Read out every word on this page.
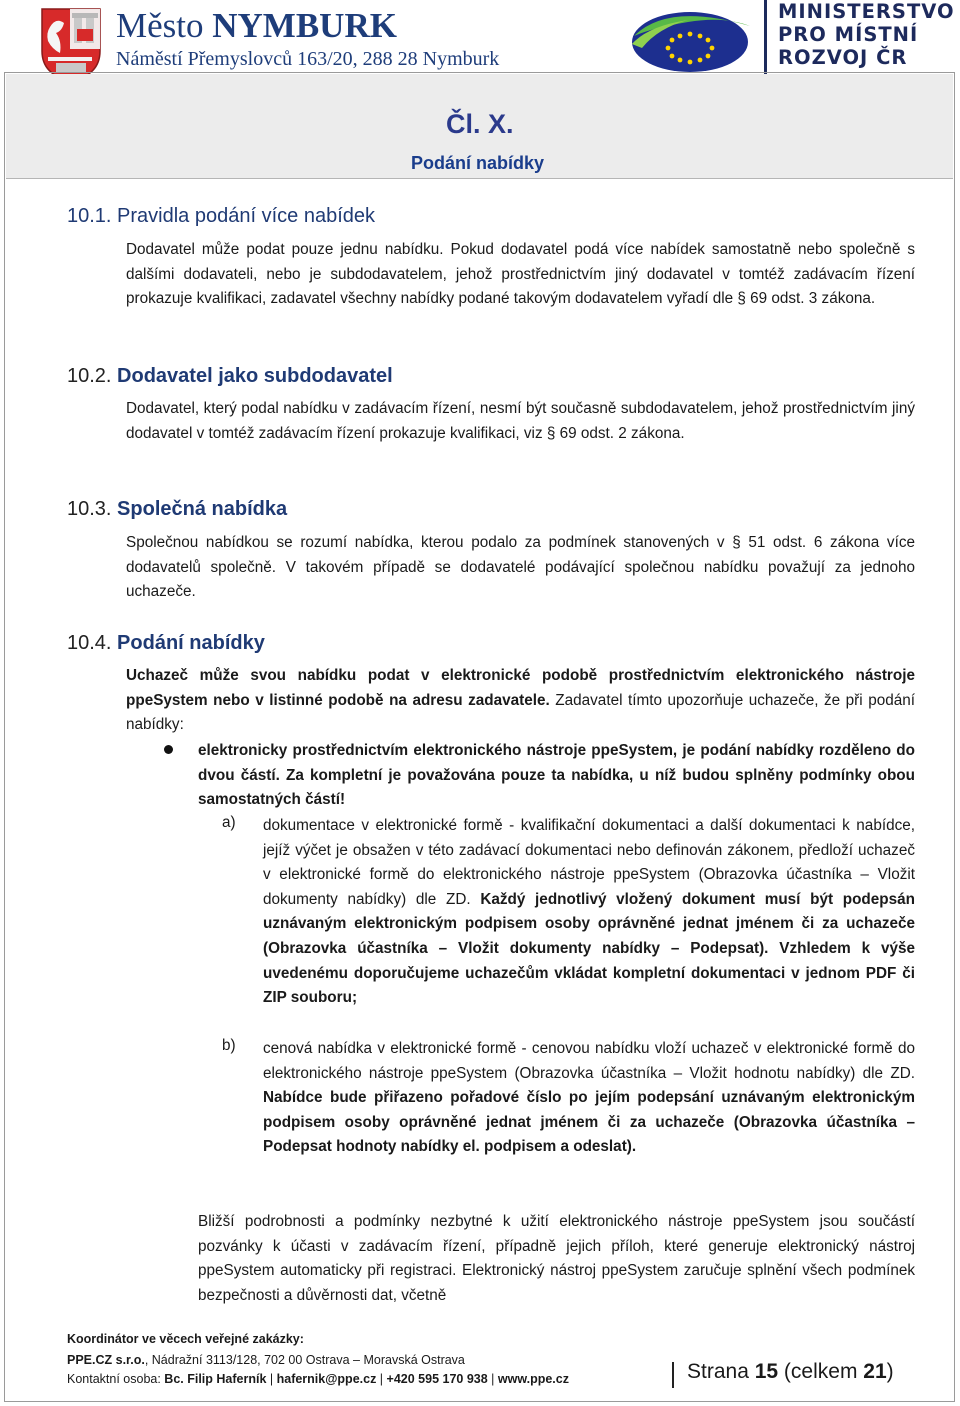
Město NYMBURK
Náměstí Přemyslovců 163/20, 288 28 Nymburk
MINISTERSTVO
PRO MÍSTNÍ
ROZVOJ ČR
Čl. X.
Podání nabídky
10.1. Pravidla podání více nabídek
Dodavatel může podat pouze jednu nabídku. Pokud dodavatel podá více nabídek samostatně nebo společně s dalšími dodavateli, nebo je subdodavatelem, jehož prostřednictvím jiný dodavatel v tomtéž zadávacím řízení prokazuje kvalifikaci, zadavatel všechny nabídky podané takovým dodavatelem vyřadí dle § 69 odst. 3 zákona.
10.2. Dodavatel jako subdodavatel
Dodavatel, který podal nabídku v zadávacím řízení, nesmí být současně subdodavatelem, jehož prostřednictvím jiný dodavatel v tomtéž zadávacím řízení prokazuje kvalifikaci, viz § 69 odst. 2 zákona.
10.3. Společná nabídka
Společnou nabídkou se rozumí nabídka, kterou podalo za podmínek stanovených v § 51 odst. 6 zákona více dodavatelů společně. V takovém případě se dodavatelé podávající společnou nabídku považují za jednoho uchazeče.
10.4. Podání nabídky
Uchazeč může svou nabídku podat v elektronické podobě prostřednictvím elektronického nástroje ppeSystem nebo v listinné podobě na adresu zadavatele. Zadavatel tímto upozorňuje uchazeče, že při podání nabídky:
elektronicky prostřednictvím elektronického nástroje ppeSystem, je podání nabídky rozděleno do dvou částí. Za kompletní je považována pouze ta nabídka, u níž budou splněny podmínky obou samostatných částí!
a) dokumentace v elektronické formě - kvalifikační dokumentaci a další dokumentaci k nabídce, jejíž výčet je obsažen v této zadávací dokumentaci nebo definován zákonem, předloží uchazeč v elektronické formě do elektronického nástroje ppeSystem (Obrazovka účastníka – Vložit dokumenty nabídky) dle ZD. Každý jednotlivý vložený dokument musí být podepsán uznávaným elektronickým podpisem osoby oprávněné jednat jménem či za uchazeče (Obrazovka účastníka – Vložit dokumenty nabídky – Podepsat). Vzhledem k výše uvedenému doporučujeme uchazečům vkládat kompletní dokumentaci v jednom PDF či ZIP souboru;
b) cenová nabídka v elektronické formě - cenovou nabídku vloží uchazeč v elektronické formě do elektronického nástroje ppeSystem (Obrazovka účastníka – Vložit hodnotu nabídky) dle ZD. Nabídce bude přiřazeno pořadové číslo po jejím podepsání uznávaným elektronickým podpisem osoby oprávněné jednat jménem či za uchazeče (Obrazovka účastníka – Podepsat hodnoty nabídky el. podpisem a odeslat).
Bližší podrobnosti a podmínky nezbytné k užití elektronického nástroje ppeSystem jsou součástí pozvánky k účasti v zadávacím řízení, případně jejich příloh, které generuje elektronický nástroj ppeSystem automaticky při registraci. Elektronický nástroj ppeSystem zaručuje splnění všech podmínek bezpečnosti a důvěrnosti dat, včetně
Koordinátor ve věcech veřejné zakázky:
PPE.CZ s.r.o., Nádražní 3113/128, 702 00 Ostrava – Moravská Ostrava
Kontaktní osoba: Bc. Filip Haferník | hafernik@ppe.cz | +420 595 170 938 | www.ppe.cz	Strana 15 (celkem 21)
